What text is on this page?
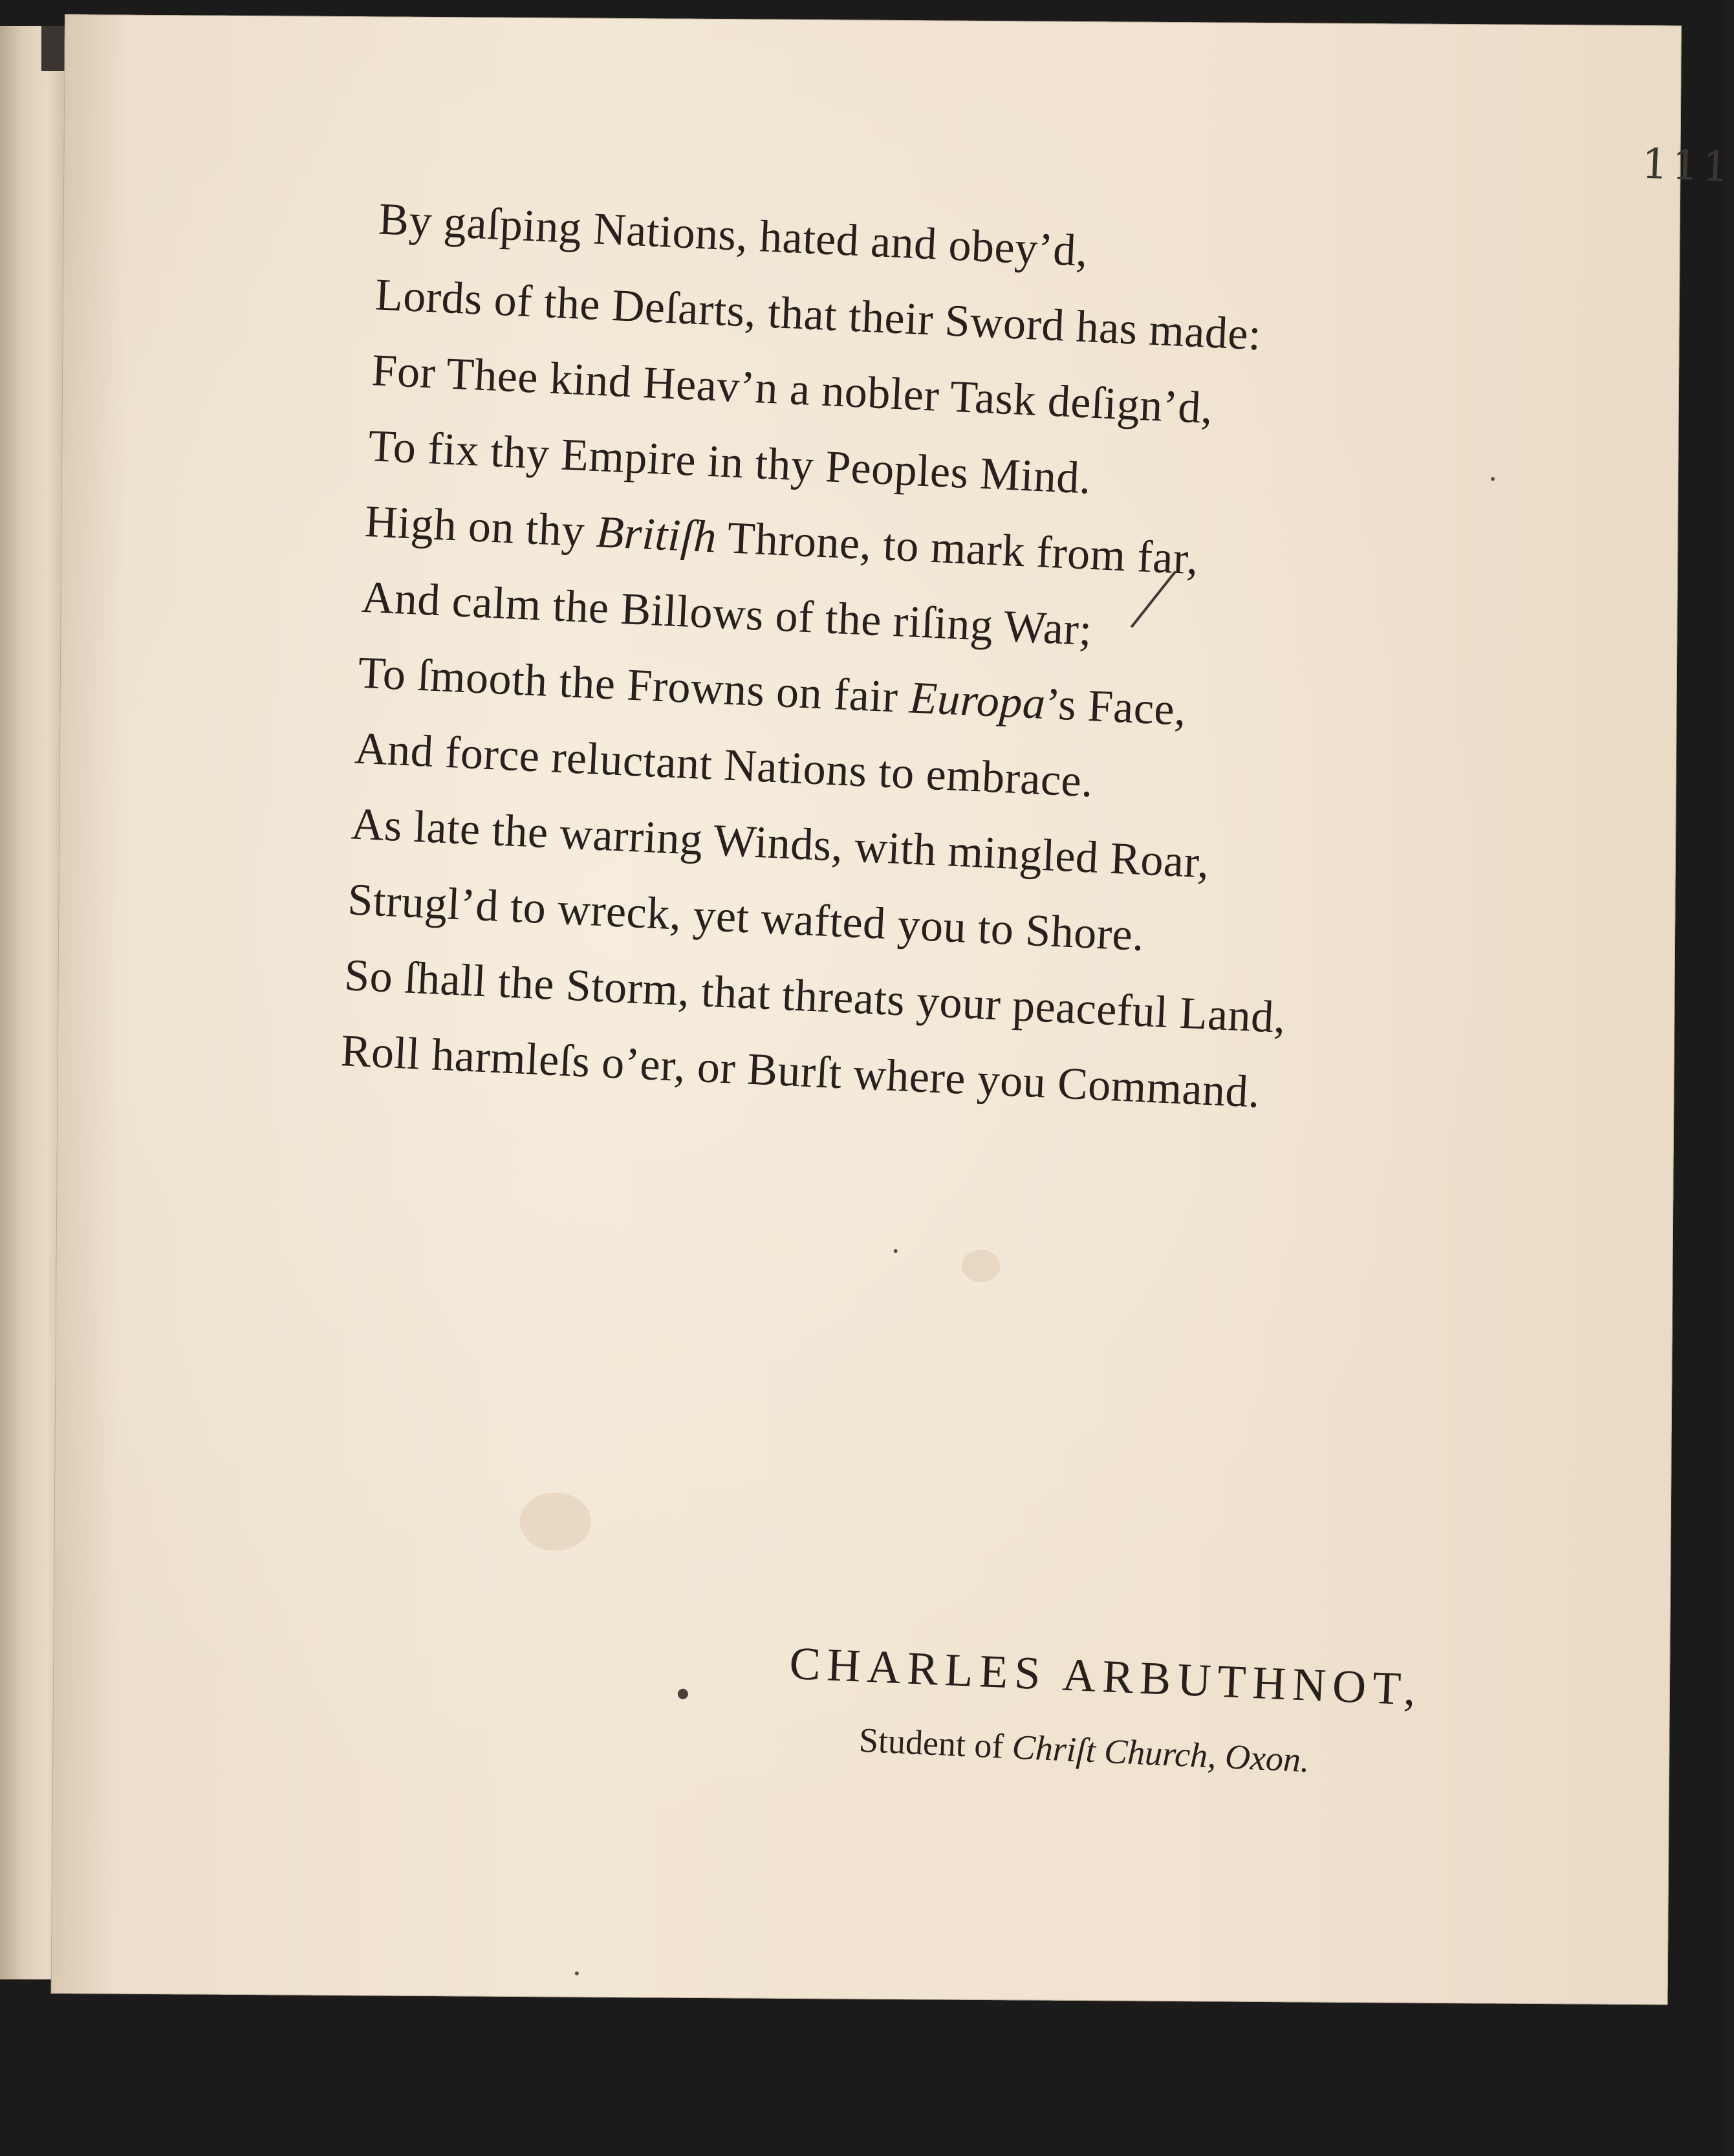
111
By gaſping Nations, hated and obey’d,
Lords of the Deſarts, that their Sword has made:
For Thee kind Heav’n a nobler Task deſign’d,
To fix thy Empire in thy Peoples Mind.
High on thy Britiſh Throne, to mark from far,
And calm the Billows of the riſing War;
To ſmooth the Frowns on fair Europa’s Face,
And force reluctant Nations to embrace.
As late the warring Winds, with mingled Roar,
Strugl’d to wreck, yet wafted you to Shore.
So ſhall the Storm, that threats your peaceful Land,
Roll harmleſs o’er, or Burſt where you Command.
CHARLES ARBUTHNOT,
Student of Chriſt Church, Oxon.
